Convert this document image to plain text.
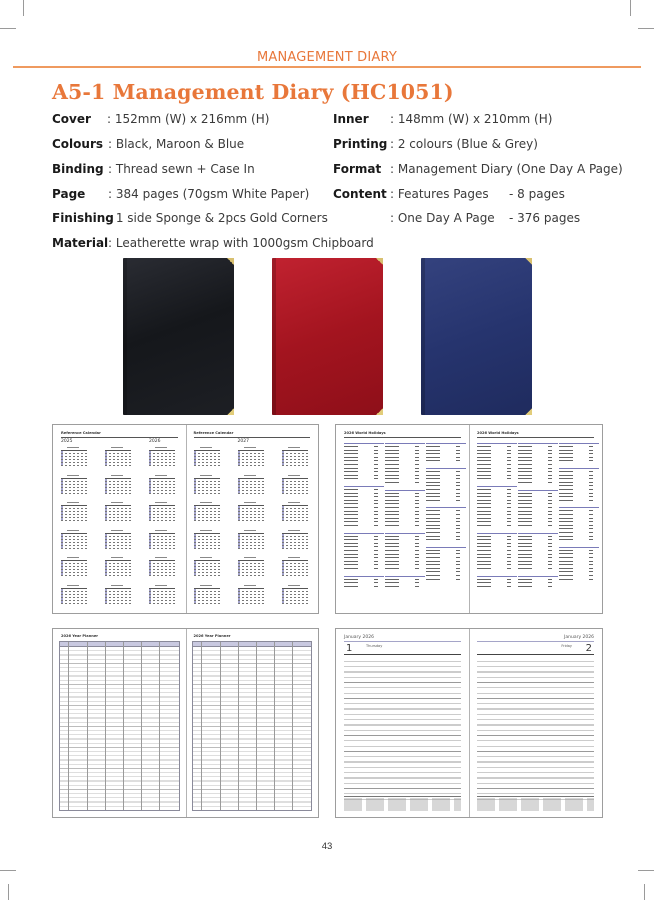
MANAGEMENT DIARY
A5-1 Management Diary (HC1051)
Cover : 152mm (W) x 216mm (H)
Colours : Black, Maroon & Blue
Binding : Thread sewn + Case In
Page : 384 pages (70gsm White Paper)
Finishing
: 1 side Sponge & 2pcs Gold Corners
Material : Leatherette wrap with 1000gsm Chipboard
Inner : 148mm (W) x 210mm (H)
Printing : 2 colours (Blue & Grey)
Format : Management Diary (One Day A Page)
Content : Features Pages - 8 pages
: One Day A Page - 376 pages
Reference Calendar
2025	2026
Reference Calendar
2027
2026 World Holidays	2026 World Holidays
2026 Year Planner	2026 Year Planner	January 2026
1	Thursday
January 2026
2
Friday
43
